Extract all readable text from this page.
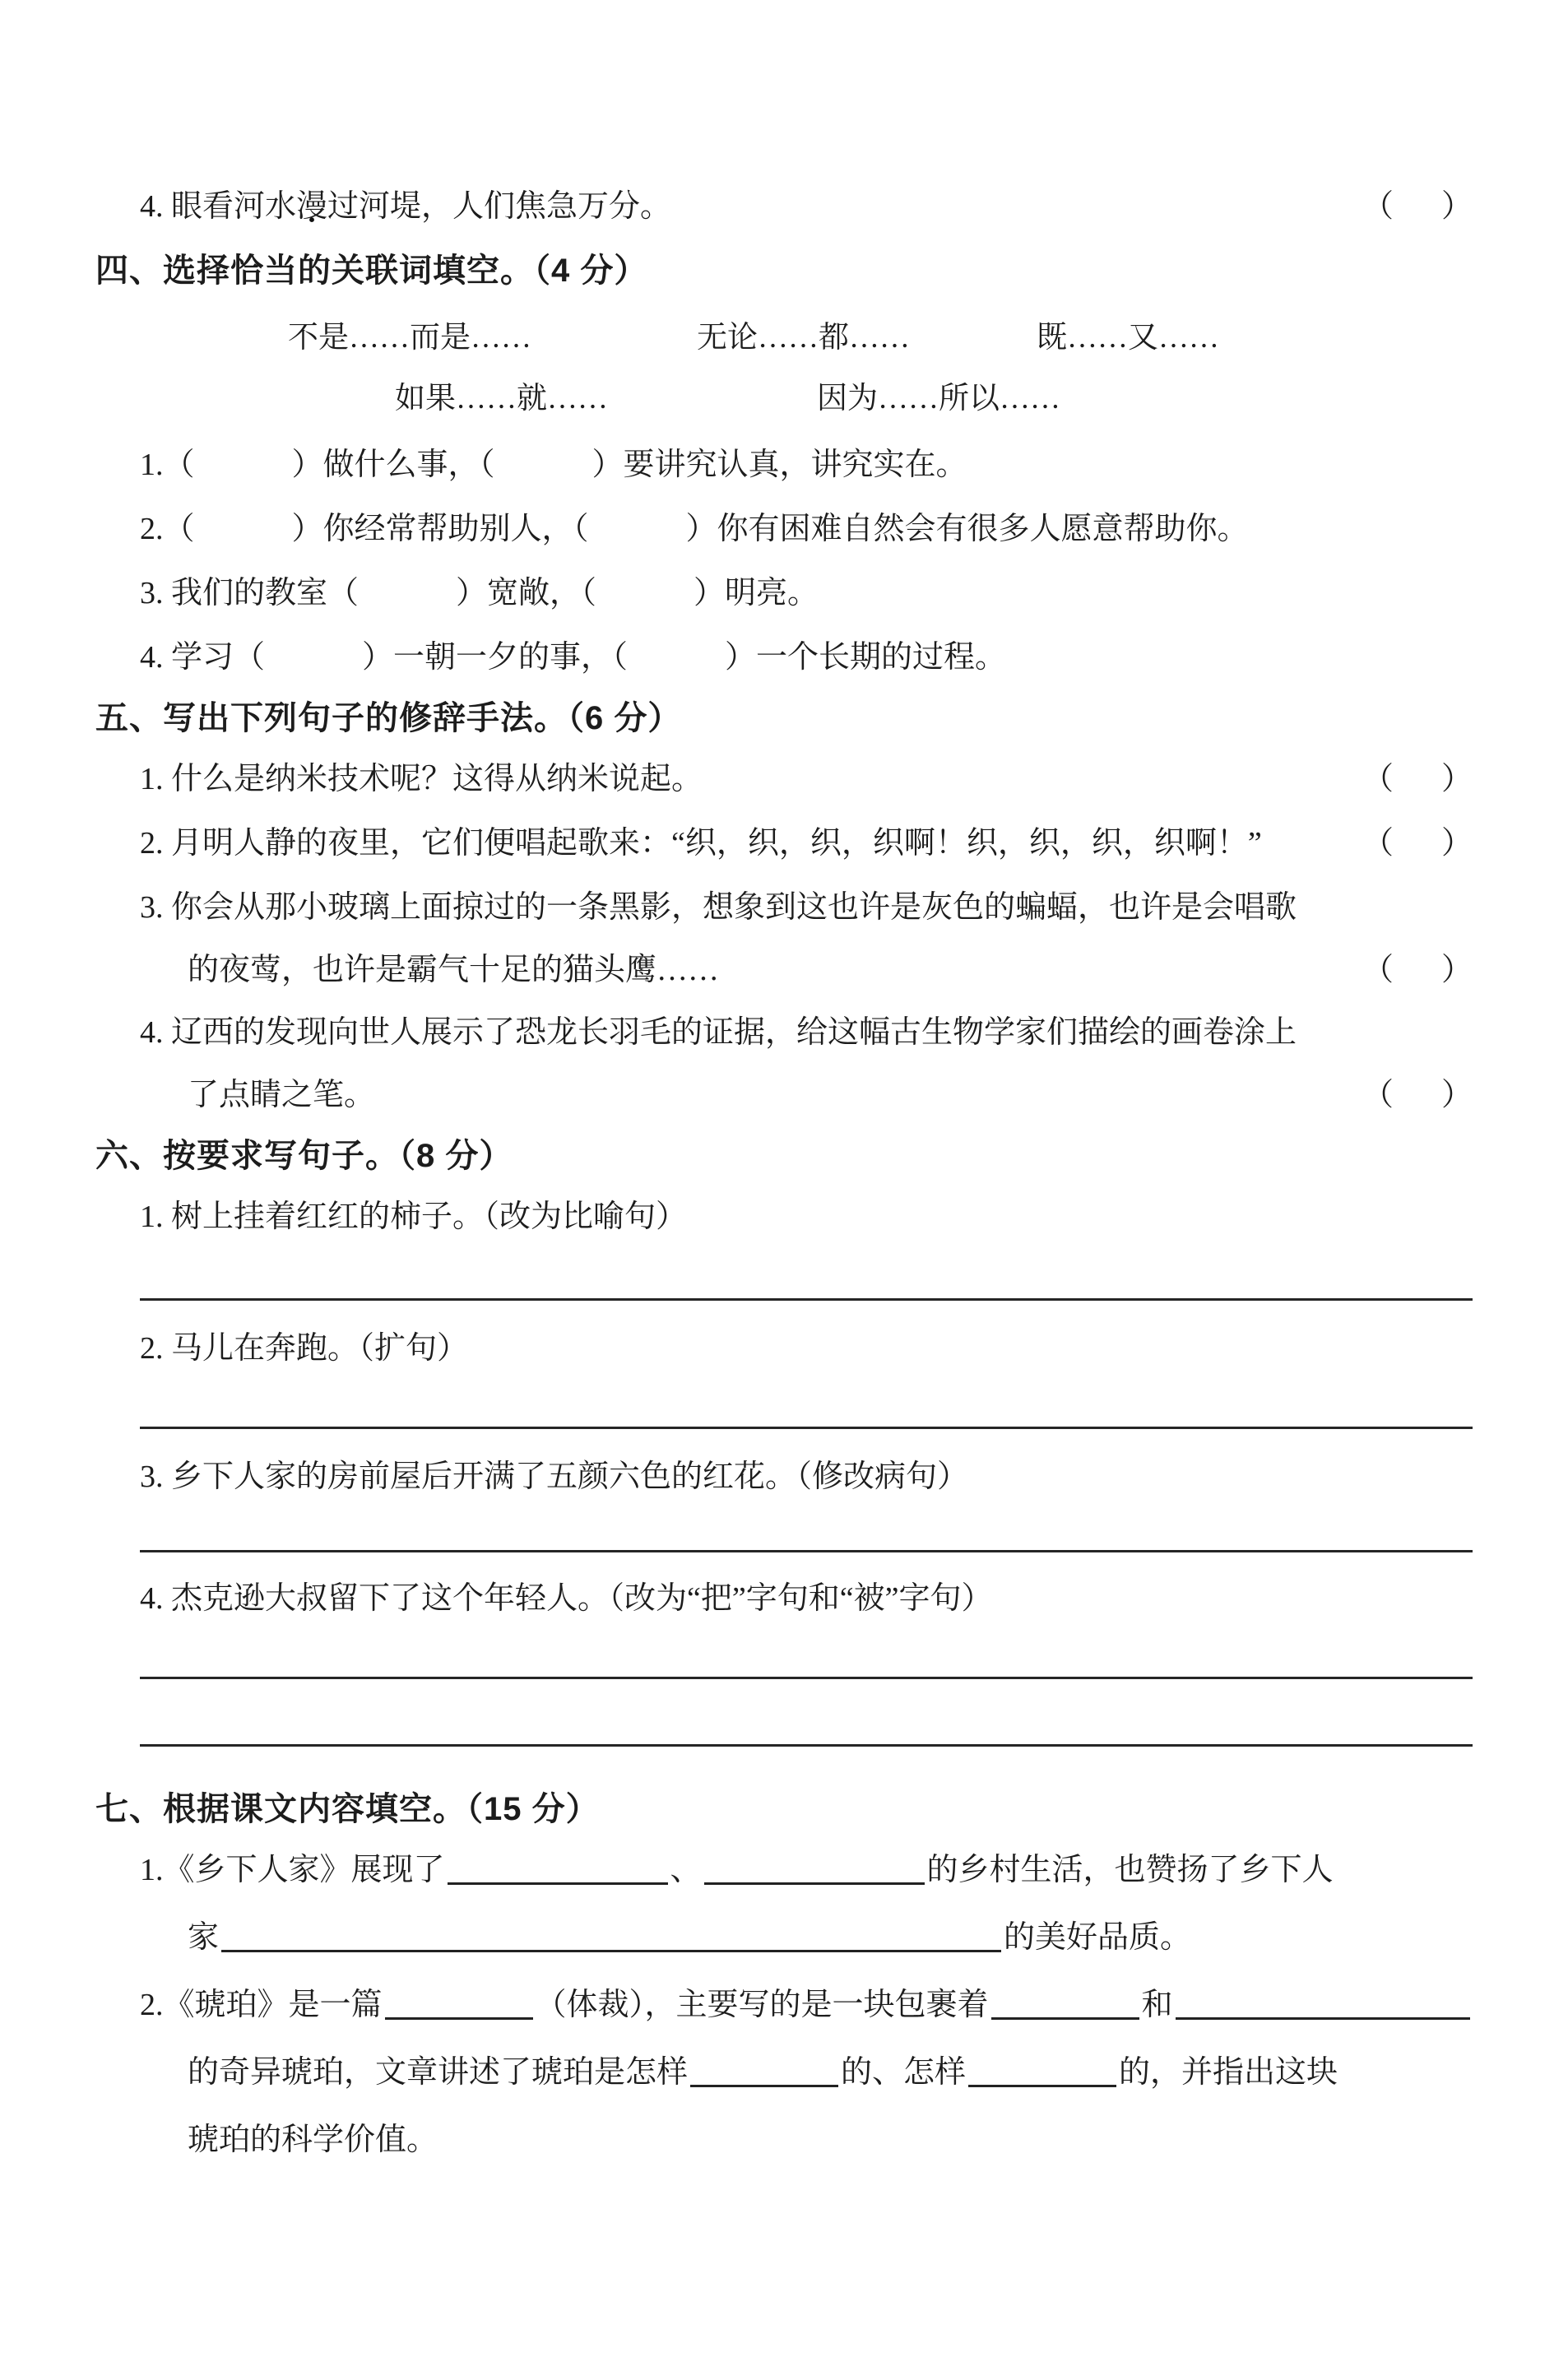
4. 眼看河水漫过河堤，人们焦急万分。	（ ）
四、选择恰当的关联词填空。（4 分）
不是……而是……	无论……都……	既……又……
如果……就……	因为……所以……
1.（	）做什么事，（	）要讲究认真，讲究实在。
2.（	）你经常帮助别人，（	）你有困难自然会有很多人愿意帮助你。
3. 我们的教室（	）宽敞，（	）明亮。
4. 学习（	）一朝一夕的事，（	）一个长期的过程。
五、写出下列句子的修辞手法。（6 分）
1. 什么是纳米技术呢？这得从纳米说起。	（ ）
2. 月明人静的夜里，它们便唱起歌来：“织，织，织，织啊！织，织，织，织啊！”	（ ）
3. 你会从那小玻璃上面掠过的一条黑影，想象到这也许是灰色的蝙蝠，也许是会唱歌
的夜莺，也许是霸气十足的猫头鹰……	（ ）
4. 辽西的发现向世人展示了恐龙长羽毛的证据，给这幅古生物学家们描绘的画卷涂上
了点睛之笔。	（ ）
六、按要求写句子。（8 分）
1. 树上挂着红红的柿子。（改为比喻句）
2. 马儿在奔跑。（扩句）
3. 乡下人家的房前屋后开满了五颜六色的红花。（修改病句）
4. 杰克逊大叔留下了这个年轻人。（改为“把”字句和“被”字句）
七、根据课文内容填空。（15 分）
1.《乡下人家》展现了	、	的乡村生活，也赞扬了乡下人
家	的美好品质。
2.《琥珀》是一篇	（体裁），主要写的是一块包裹着	和
的奇异琥珀，文章讲述了琥珀是怎样	的、怎样	的，并指出这块
琥珀的科学价值。
